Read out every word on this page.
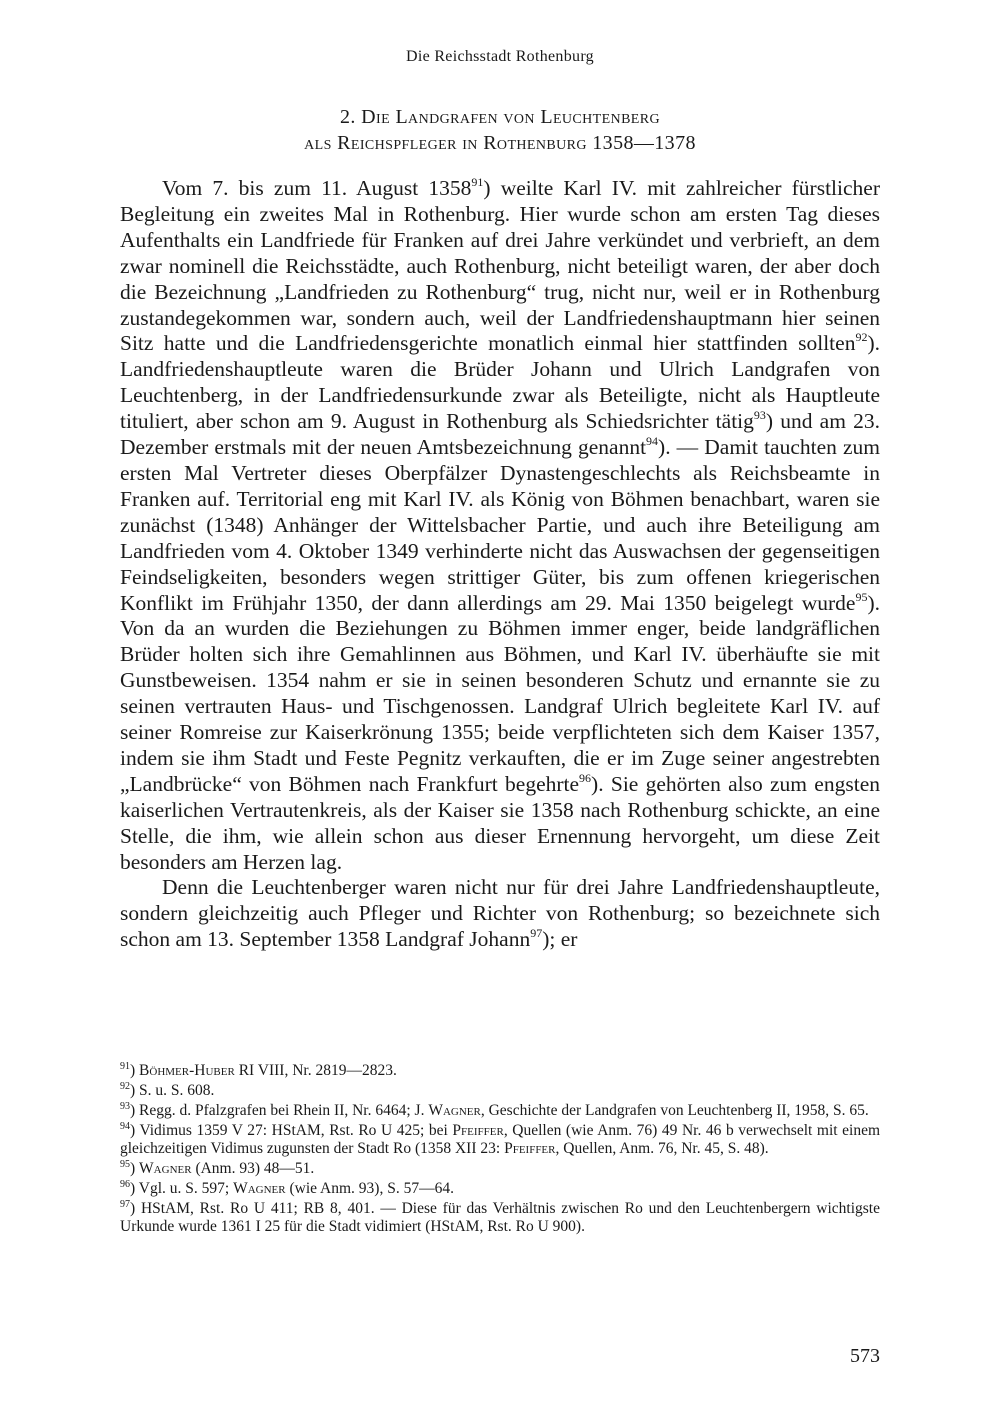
Die Reichsstadt Rothenburg
2. Die Landgrafen von Leuchtenberg
als Reichspfleger in Rothenburg 1358—1378

Vom 7. bis zum 11. August 1358$^{91}$) weilte Karl IV. mit zahlreicher fürstlicher Begleitung ein zweites Mal in Rothenburg. Hier wurde schon am ersten Tag dieses Aufenthalts ein Landfriede für Franken auf drei Jahre verkündet und verbrieft, an dem zwar nominell die Reichsstädte, auch Rothenburg, nicht beteiligt waren, der aber doch die Bezeichnung „Landfrieden zu Rothenburg“ trug, nicht nur, weil er in Rothenburg zustandegekommen war, sondern auch, weil der Landfriedenshauptmann hier seinen Sitz hatte und die Landfriedensgerichte monatlich einmal hier stattfinden sollten$^{92}$). Landfriedenshauptleute waren die Brüder Johann und Ulrich Landgrafen von Leuchtenberg, in der Landfriedensurkunde zwar als Beteiligte, nicht als Hauptleute tituliert, aber schon am 9. August in Rothenburg als Schiedsrichter tätig$^{93}$) und am 23. Dezember erstmals mit der neuen Amtsbezeichnung genannt$^{94}$). — Damit tauchten zum ersten Mal Vertreter dieses Oberpfälzer Dynastengeschlechts als Reichsbeamte in Franken auf. Territorial eng mit Karl IV. als König von Böhmen benachbart, waren sie zunächst (1348) Anhänger der Wittelsbacher Partie, und auch ihre Beteiligung am Landfrieden vom 4. Oktober 1349 verhinderte nicht das Auswachsen der gegenseitigen Feindseligkeiten, besonders wegen strittiger Güter, bis zum offenen kriegerischen Konflikt im Frühjahr 1350, der dann allerdings am 29. Mai 1350 beigelegt wurde$^{95}$). Von da an wurden die Beziehungen zu Böhmen immer enger, beide landgräflichen Brüder holten sich ihre Gemahlinnen aus Böhmen, und Karl IV. überhäufte sie mit Gunstbeweisen. 1354 nahm er sie in seinen besonderen Schutz und ernannte sie zu seinen vertrauten Haus- und Tischgenossen. Landgraf Ulrich begleitete Karl IV. auf seiner Romreise zur Kaiserkrönung 1355; beide verpflichteten sich dem Kaiser 1357, indem sie ihm Stadt und Feste Pegnitz verkauften, die er im Zuge seiner angestrebten „Landbrücke“ von Böhmen nach Frankfurt begehrte$^{96}$). Sie gehörten also zum engsten kaiserlichen Vertrautenkreis, als der Kaiser sie 1358 nach Rothenburg schickte, an eine Stelle, die ihm, wie allein schon aus dieser Ernennung hervorgeht, um diese Zeit besonders am Herzen lag.

Denn die Leuchtenberger waren nicht nur für drei Jahre Landfriedenshauptleute, sondern gleichzeitig auch Pfleger und Richter von Rothenburg; so bezeichnete sich schon am 13. September 1358 Landgraf Johann$^{97}$); er

$^{91}$) Böhmer-Huber RI VIII, Nr. 2819—2823.
$^{92}$) S. u. S. 608.
$^{93}$) Regg. d. Pfalzgrafen bei Rhein II, Nr. 6464; J. Wagner, Geschichte der Landgrafen von Leuchtenberg II, 1958, S. 65.
$^{94}$) Vidimus 1359 V 27: HStAM, Rst. Ro U 425; bei Pfeiffer, Quellen (wie Anm. 76) 49 Nr. 46 b verwechselt mit einem gleichzeitigen Vidimus zugunsten der Stadt Ro (1358 XII 23: Pfeiffer, Quellen, Anm. 76, Nr. 45, S. 48).
$^{95}$) Wagner (Anm. 93) 48—51.
$^{96}$) Vgl. u. S. 597; Wagner (wie Anm. 93), S. 57—64.
$^{97}$) HStAM, Rst. Ro U 411; RB 8, 401. — Diese für das Verhältnis zwischen Ro und den Leuchtenbergern wichtigste Urkunde wurde 1361 I 25 für die Stadt vidimiert (HStAM, Rst. Ro U 900).
573
